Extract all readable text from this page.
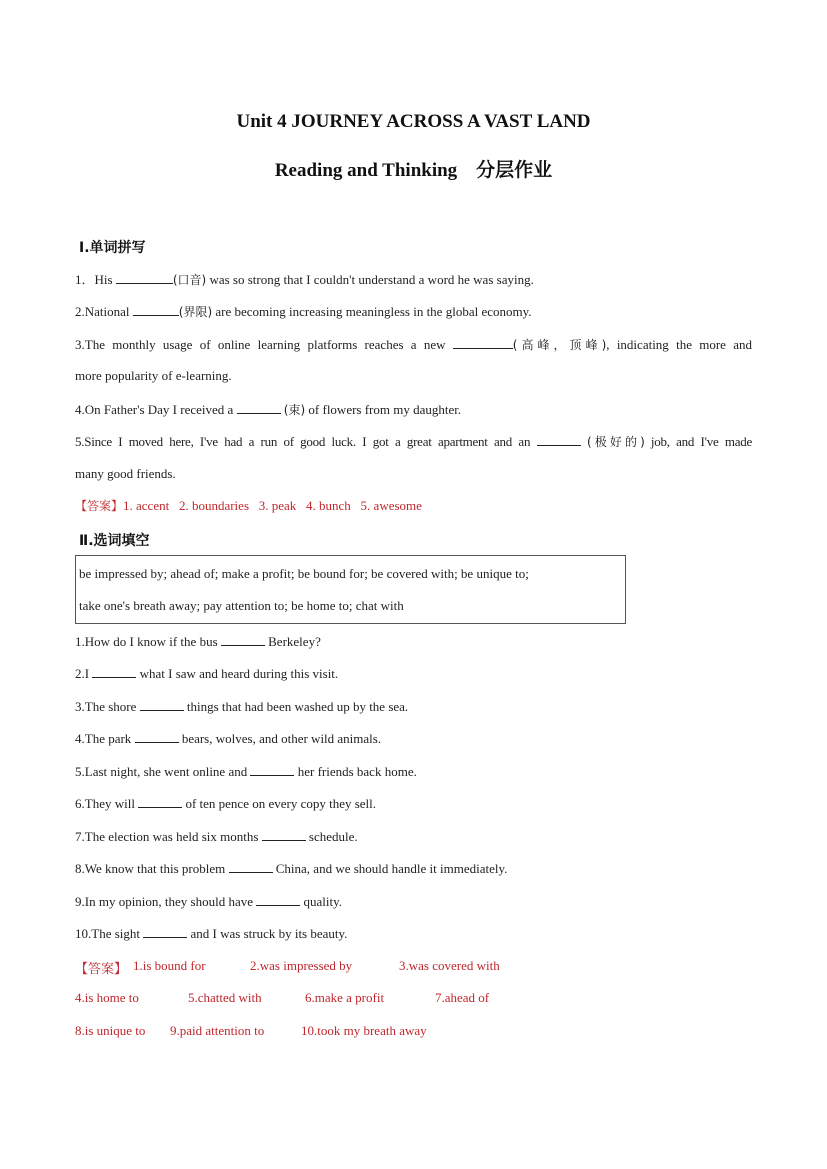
Unit 4 JOURNEY ACROSS A VAST LAND
Reading and Thinking　分层作业
Ⅰ.单词拼写
1．His	(口音) was so strong that I couldn't understand a word he was saying.
2.National	(界限) are becoming increasing meaningless in the global economy.
3.The monthly usage of online learning platforms reaches a new	(高峰，顶峰), indicating the more and
more popularity of e-learning.
4.On Father's Day I received a	(束) of flowers from my daughter.
5.Since I moved here, I've had a run of good luck. I got a great apartment and an	(极好的) job, and I've made
many good friends.
【答案】1. accent   2. boundaries   3. peak   4. bunch   5. awesome
Ⅱ.选词填空
be impressed by; ahead of; make a profit; be bound for; be covered with; be unique to;
take one's breath away; pay attention to; be home to; chat with
1.How do I know if the bus	Berkeley?
2.I	what I saw and heard during this visit.
3.The shore	things that had been washed up by the sea.
4.The park	bears, wolves, and other wild animals.
5.Last night, she went online and	her friends back home.
6.They will	of ten pence on every copy they sell.
7.The election was held six months	schedule.
8.We know that this problem	China, and we should handle it immediately.
9.In my opinion, they should have	quality.
10.The sight	and I was struck by its beauty.
【答案】 1.is bound for	2.was impressed by	3.was covered with
4.is home to	5.chatted with	6.make a profit	7.ahead of
8.is unique to 9.paid attention to	10.took my breath away
